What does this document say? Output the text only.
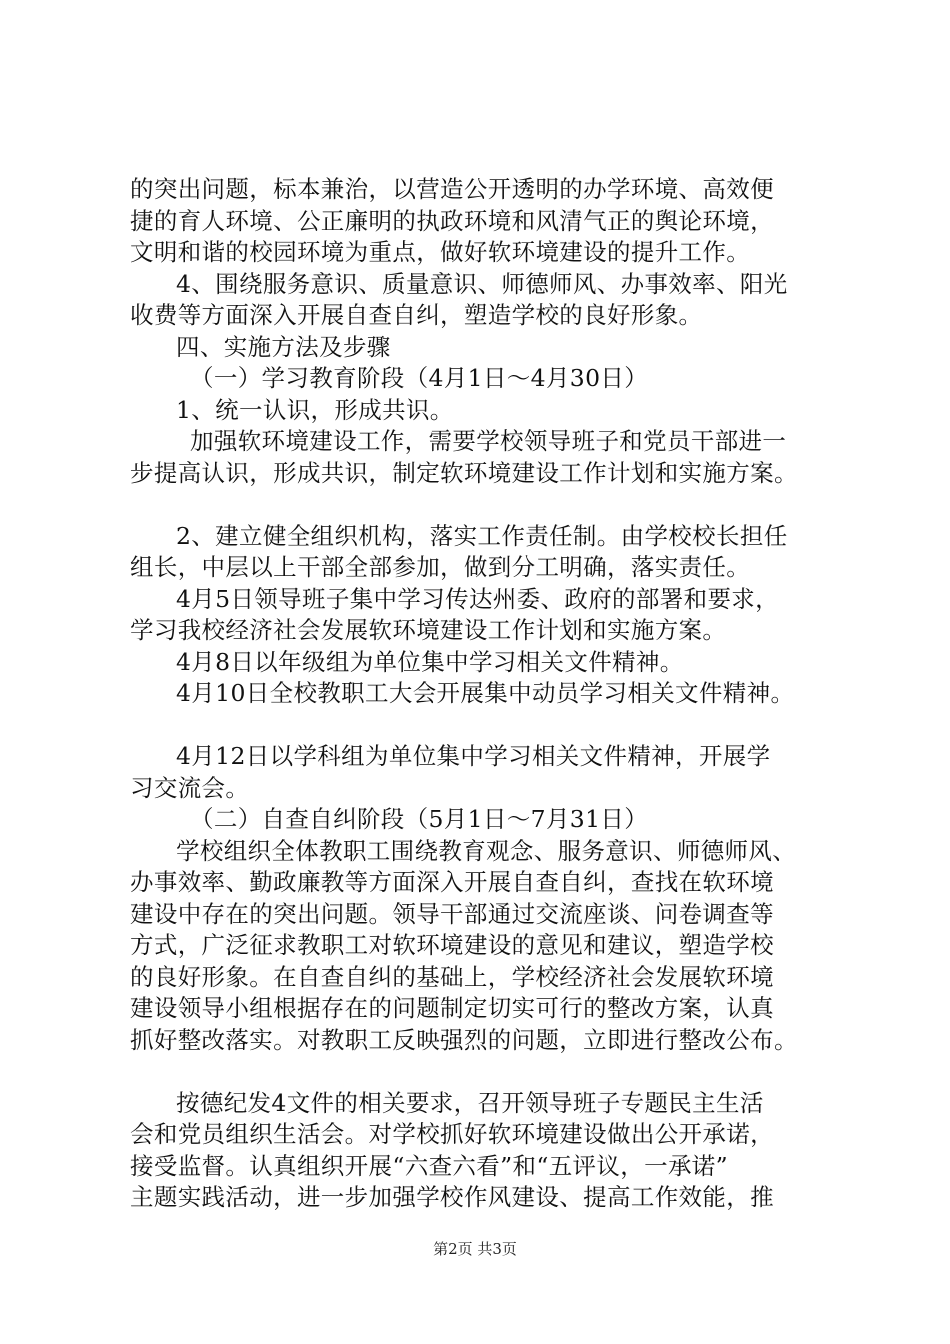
的突出问题，标本兼治，以营造公开透明的办学环境、高效便
捷的育人环境、公正廉明的执政环境和风清气正的舆论环境，
文明和谐的校园环境为重点，做好软环境建设的提升工作。
4、围绕服务意识、质量意识、师德师风、办事效率、阳光
收费等方面深入开展自查自纠，塑造学校的良好形象。
四、实施方法及步骤
（一）学习教育阶段（4月1日～4月30日）
1、统一认识，形成共识。
加强软环境建设工作，需要学校领导班子和党员干部进一
步提高认识，形成共识，制定软环境建设工作计划和实施方案。
2、建立健全组织机构，落实工作责任制。由学校校长担任
组长，中层以上干部全部参加，做到分工明确，落实责任。
4月5日领导班子集中学习传达州委、政府的部署和要求，
学习我校经济社会发展软环境建设工作计划和实施方案。
4月8日以年级组为单位集中学习相关文件精神。
4月10日全校教职工大会开展集中动员学习相关文件精神。
4月12日以学科组为单位集中学习相关文件精神，开展学
习交流会。
（二）自查自纠阶段（5月1日～7月31日）
学校组织全体教职工围绕教育观念、服务意识、师德师风、
办事效率、勤政廉教等方面深入开展自查自纠，查找在软环境
建设中存在的突出问题。领导干部通过交流座谈、问卷调查等
方式，广泛征求教职工对软环境建设的意见和建议，塑造学校
的良好形象。在自查自纠的基础上，学校经济社会发展软环境
建设领导小组根据存在的问题制定切实可行的整改方案，认真
抓好整改落实。对教职工反映强烈的问题，立即进行整改公布。
按德纪发4文件的相关要求，召开领导班子专题民主生活
会和党员组织生活会。对学校抓好软环境建设做出公开承诺，
接受监督。认真组织开展“六查六看”和“五评议，一承诺”
主题实践活动，进一步加强学校作风建设、提高工作效能，推
第2页 共3页
